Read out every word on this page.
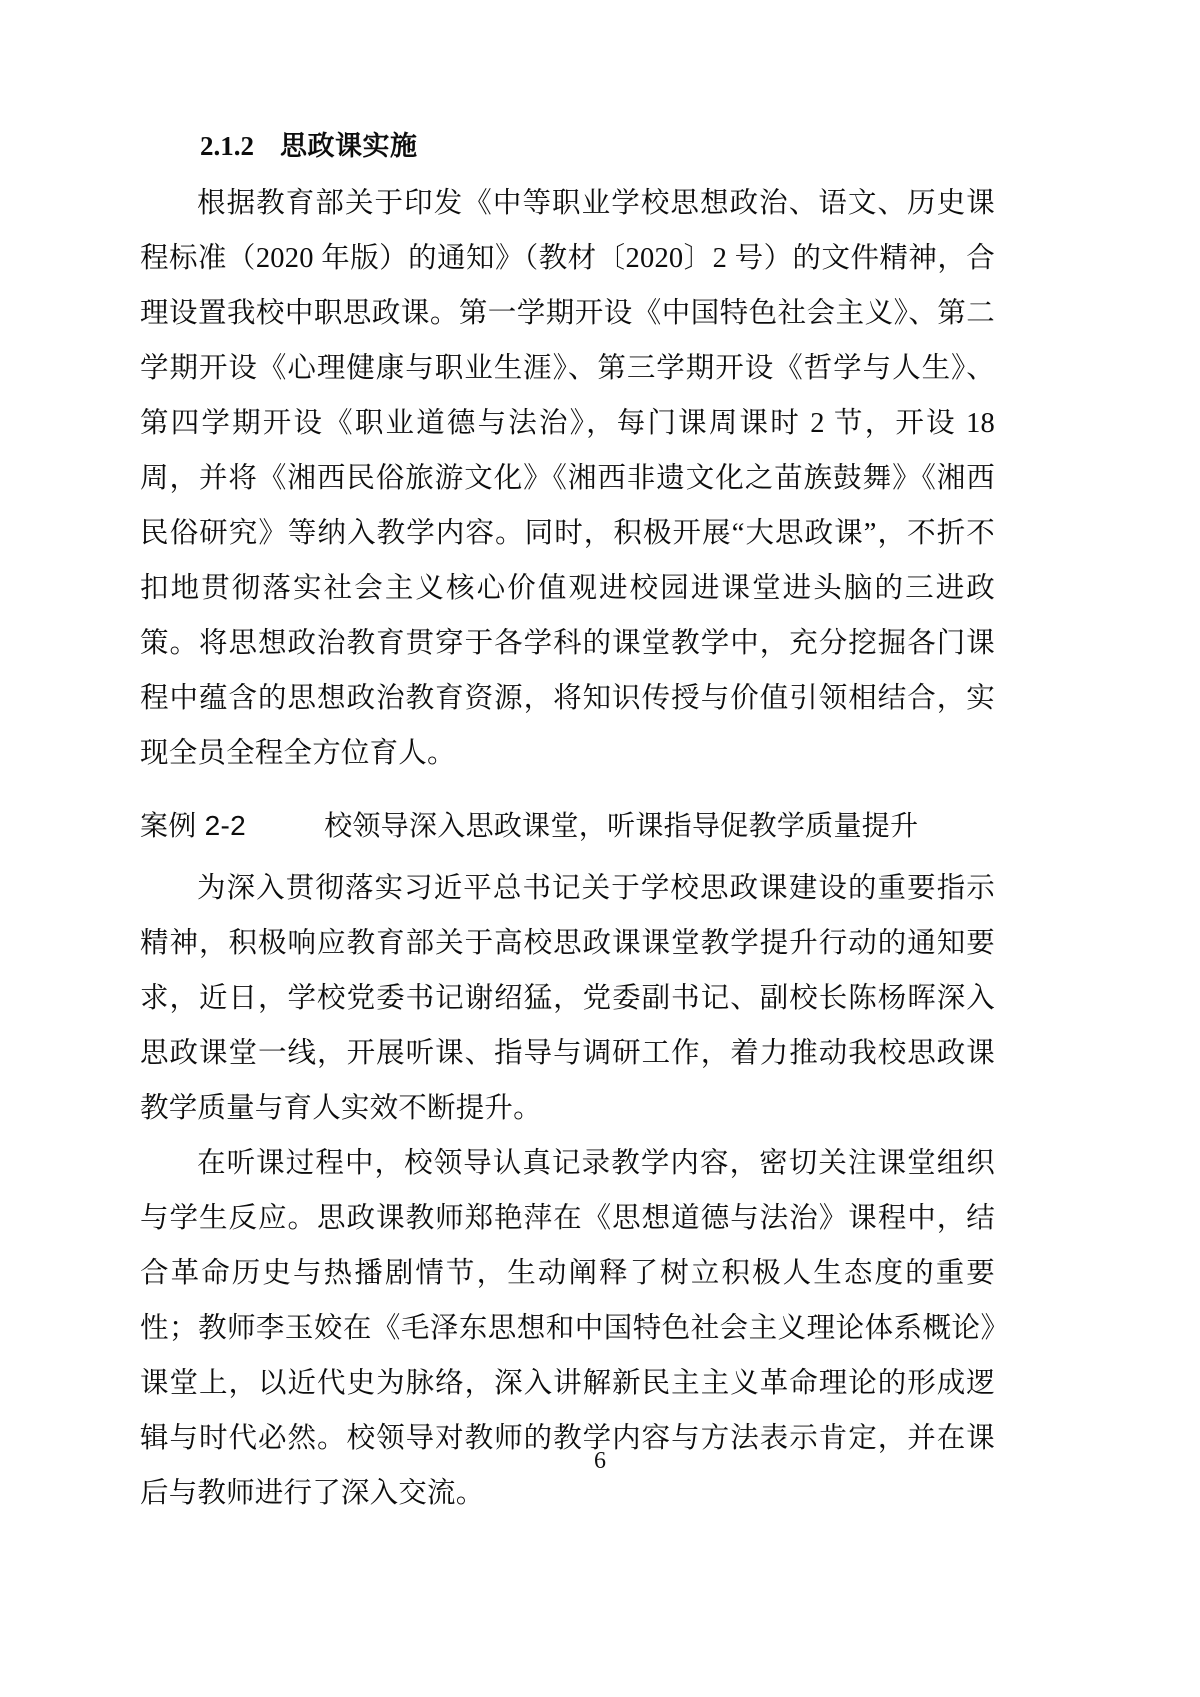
2.1.2 思政课实施

根据教育部关于印发《中等职业学校思想政治、语文、历史课程标准（2020 年版）的通知》（教材〔2020〕2 号）的文件精神，合理设置我校中职思政课。第一学期开设《中国特色社会主义》、第二学期开设《心理健康与职业生涯》、第三学期开设《哲学与人生》、第四学期开设《职业道德与法治》，每门课周课时 2 节，开设 18 周，并将《湘西民俗旅游文化》《湘西非遗文化之苗族鼓舞》《湘西民俗研究》等纳入教学内容。同时，积极开展“大思政课”，不折不扣地贯彻落实社会主义核心价值观进校园进课堂进头脑的三进政策。将思想政治教育贯穿于各学科的课堂教学中，充分挖掘各门课程中蕴含的思想政治教育资源，将知识传授与价值引领相结合，实现全员全程全方位育人。

案例 2-2	校领导深入思政课堂，听课指导促教学质量提升

为深入贯彻落实习近平总书记关于学校思政课建设的重要指示精神，积极响应教育部关于高校思政课课堂教学提升行动的通知要求，近日，学校党委书记谢绍猛，党委副书记、副校长陈杨晖深入思政课堂一线，开展听课、指导与调研工作，着力推动我校思政课教学质量与育人实效不断提升。

在听课过程中，校领导认真记录教学内容，密切关注课堂组织与学生反应。思政课教师郑艳萍在《思想道德与法治》课程中，结合革命历史与热播剧情节，生动阐释了树立积极人生态度的重要性；教师李玉姣在《毛泽东思想和中国特色社会主义理论体系概论》课堂上，以近代史为脉络，深入讲解新民主主义革命理论的形成逻辑与时代必然。校领导对教师的教学内容与方法表示肯定，并在课后与教师进行了深入交流。

6
